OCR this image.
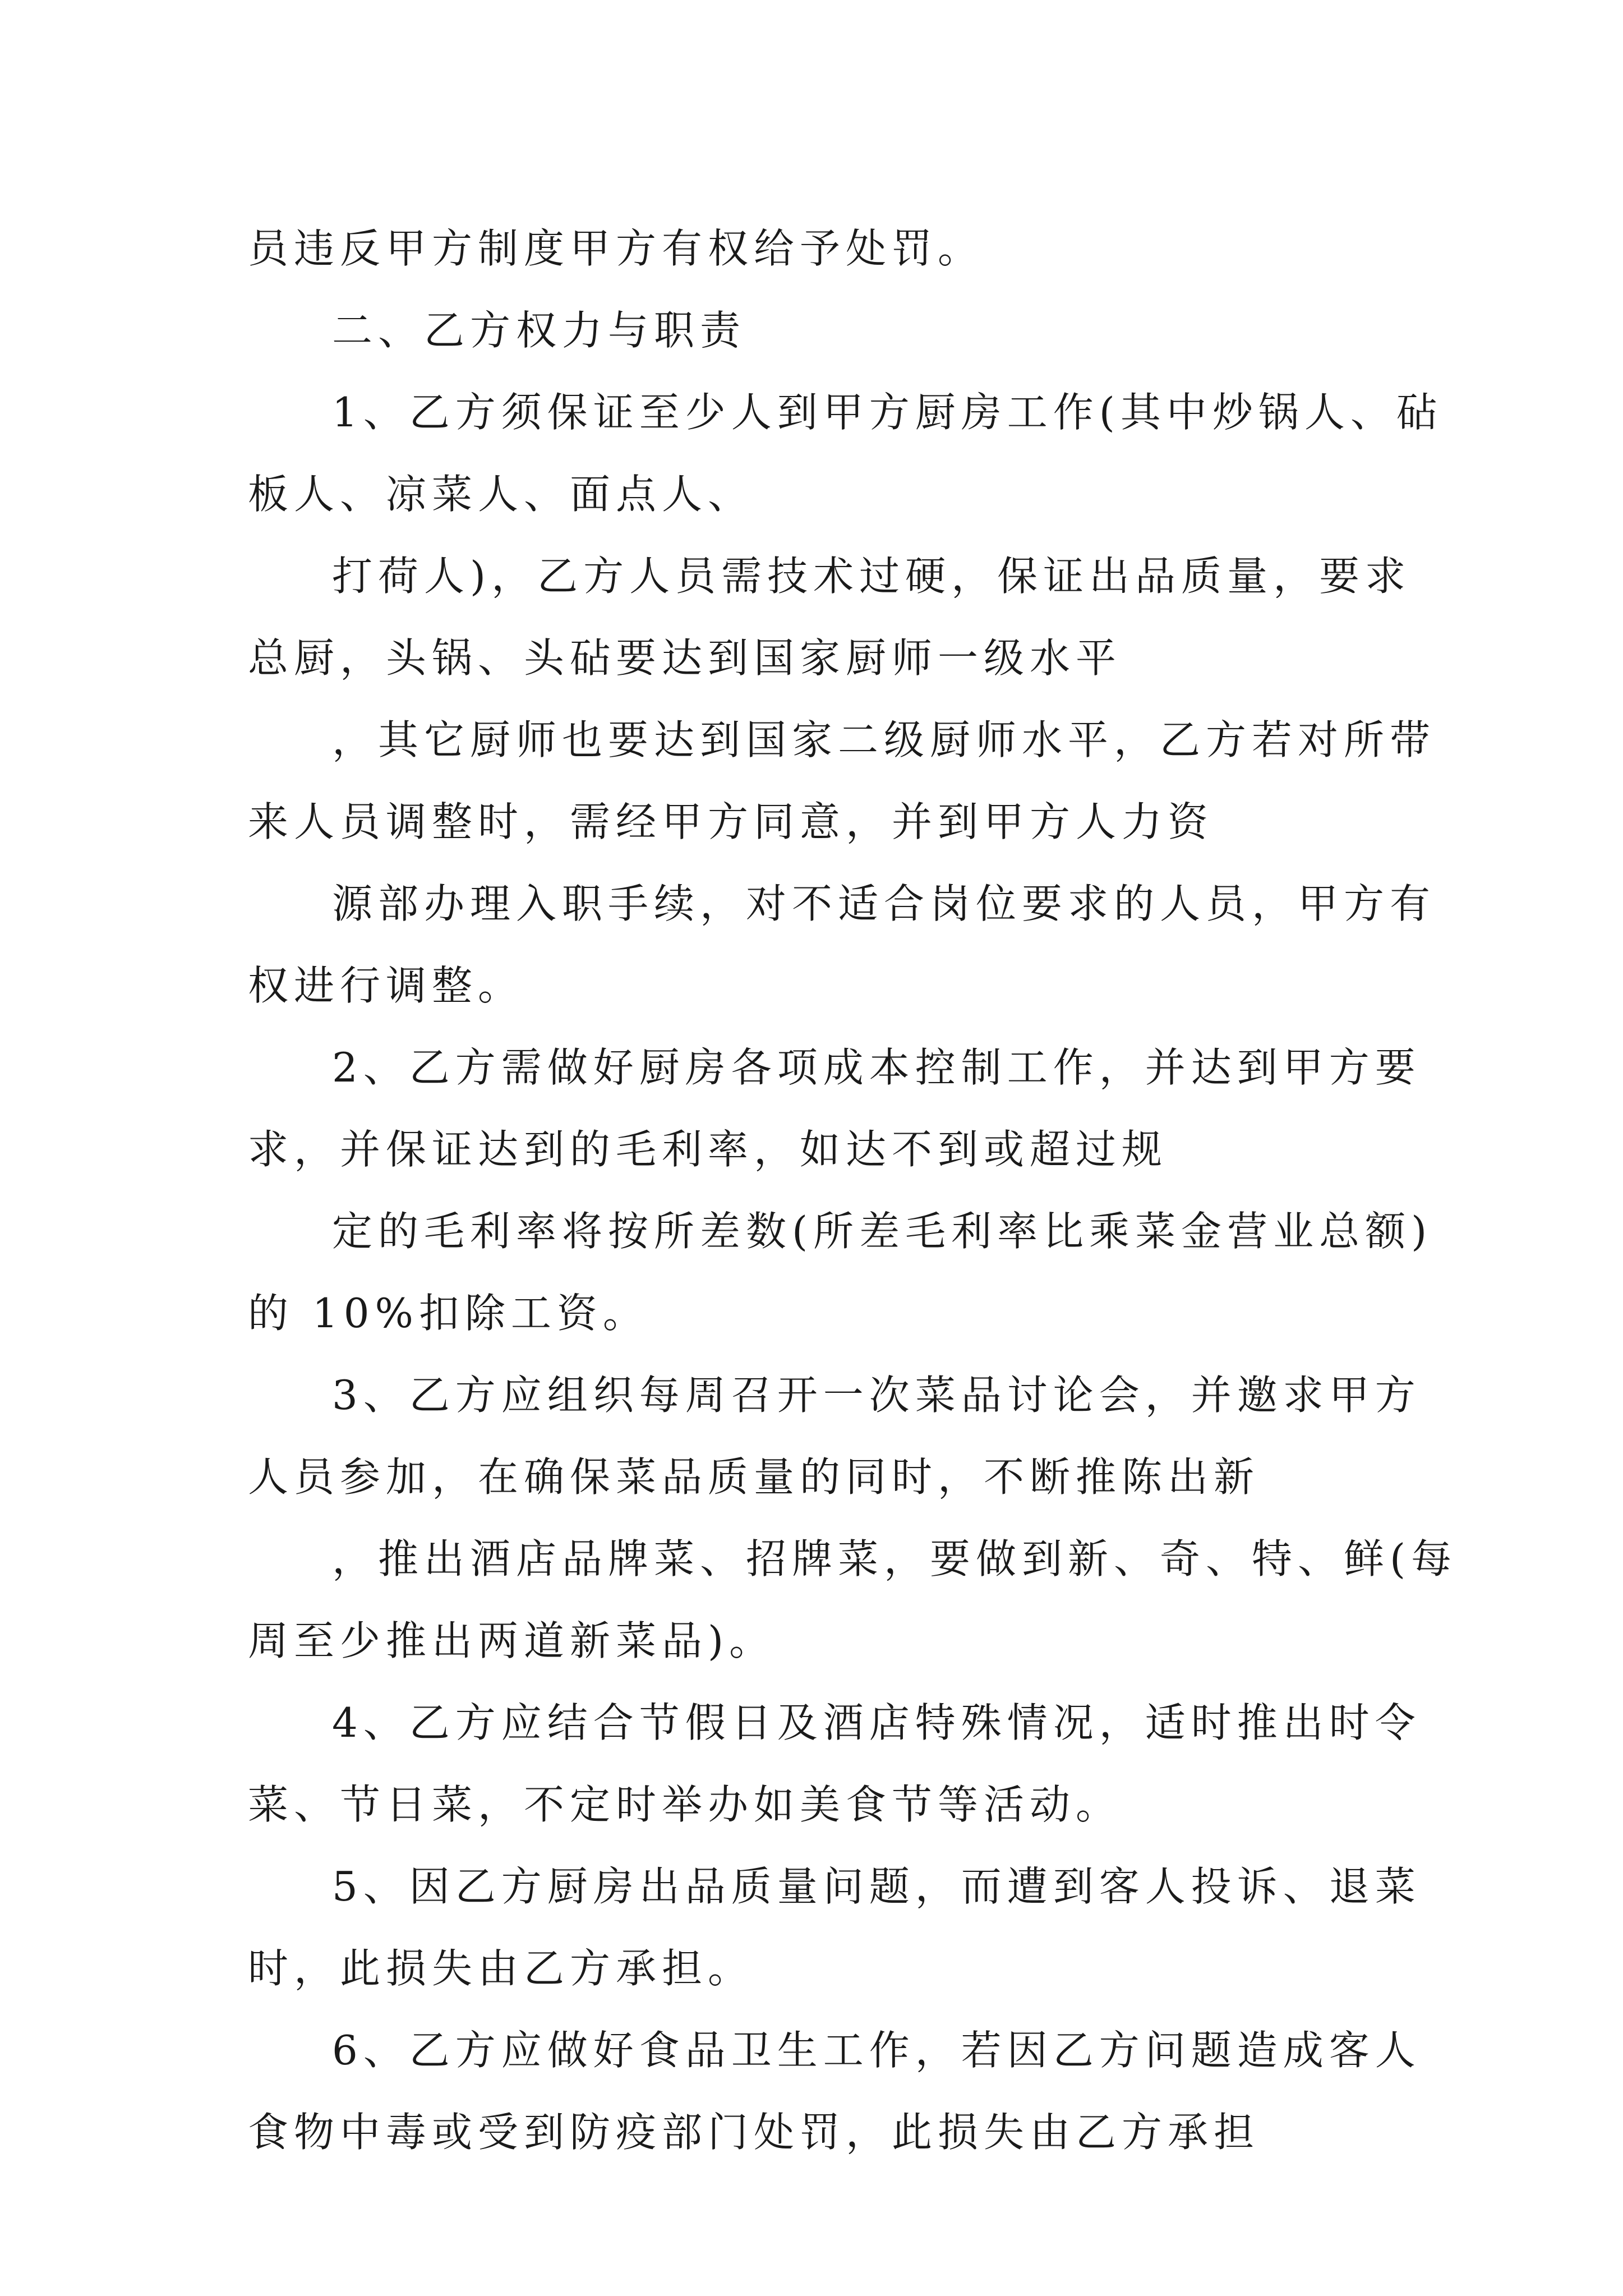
员违反甲方制度甲方有权给予处罚。
二、乙方权力与职责
1、乙方须保证至少人到甲方厨房工作(其中炒锅人、砧
板人、凉菜人、面点人、
打荷人)，乙方人员需技术过硬，保证出品质量，要求
总厨，头锅、头砧要达到国家厨师一级水平
，其它厨师也要达到国家二级厨师水平，乙方若对所带
来人员调整时，需经甲方同意，并到甲方人力资
源部办理入职手续，对不适合岗位要求的人员，甲方有
权进行调整。
2、乙方需做好厨房各项成本控制工作，并达到甲方要
求，并保证达到的毛利率，如达不到或超过规
定的毛利率将按所差数(所差毛利率比乘菜金营业总额)
的 10%扣除工资。
3、乙方应组织每周召开一次菜品讨论会，并邀求甲方
人员参加，在确保菜品质量的同时，不断推陈出新
，推出酒店品牌菜、招牌菜，要做到新、奇、特、鲜(每
周至少推出两道新菜品)。
4、乙方应结合节假日及酒店特殊情况，适时推出时令
菜、节日菜，不定时举办如美食节等活动。
5、因乙方厨房出品质量问题，而遭到客人投诉、退菜
时，此损失由乙方承担。
6、乙方应做好食品卫生工作，若因乙方问题造成客人
食物中毒或受到防疫部门处罚，此损失由乙方承担
